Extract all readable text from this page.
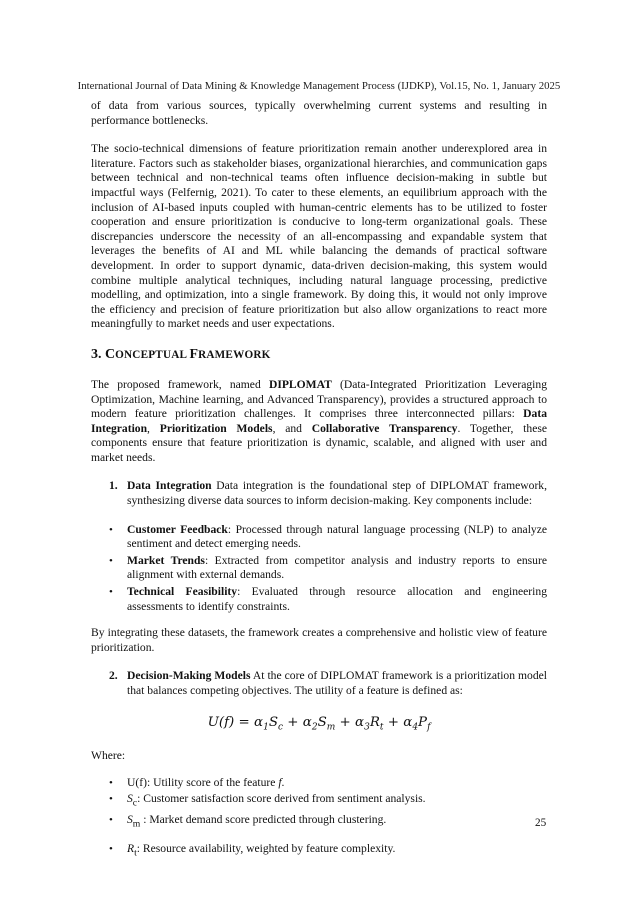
International Journal of Data Mining & Knowledge Management Process (IJDKP), Vol.15, No. 1, January 2025

of data from various sources, typically overwhelming current systems and resulting in performance bottlenecks.

The socio-technical dimensions of feature prioritization remain another underexplored area in literature. Factors such as stakeholder biases, organizational hierarchies, and communication gaps between technical and non-technical teams often influence decision-making in subtle but impactful ways (Felfernig, 2021). To cater to these elements, an equilibrium approach with the inclusion of AI-based inputs coupled with human-centric elements has to be utilized to foster cooperation and ensure prioritization is conducive to long-term organizational goals. These discrepancies underscore the necessity of an all-encompassing and expandable system that leverages the benefits of AI and ML while balancing the demands of practical software development. In order to support dynamic, data-driven decision-making, this system would combine multiple analytical techniques, including natural language processing, predictive modelling, and optimization, into a single framework. By doing this, it would not only improve the efficiency and precision of feature prioritization but also allow organizations to react more meaningfully to market needs and user expectations.

3. CONCEPTUAL FRAMEWORK

The proposed framework, named DIPLOMAT (Data-Integrated Prioritization Leveraging Optimization, Machine learning, and Advanced Transparency), provides a structured approach to modern feature prioritization challenges. It comprises three interconnected pillars: Data Integration, Prioritization Models, and Collaborative Transparency. Together, these components ensure that feature prioritization is dynamic, scalable, and aligned with user and market needs.

1. Data Integration Data integration is the foundational step of DIPLOMAT framework, synthesizing diverse data sources to inform decision-making. Key components include:

• Customer Feedback: Processed through natural language processing (NLP) to analyze sentiment and detect emerging needs.
• Market Trends: Extracted from competitor analysis and industry reports to ensure alignment with external demands.
• Technical Feasibility: Evaluated through resource allocation and engineering assessments to identify constraints.

By integrating these datasets, the framework creates a comprehensive and holistic view of feature prioritization.

2. Decision-Making Models At the core of DIPLOMAT framework is a prioritization model that balances competing objectives. The utility of a feature is defined as:

$U(f) = \alpha_1S_c + \alpha_2S_m + \alpha_3R_t + \alpha_4P_f$

Where:

• U(f): Utility score of the feature f.
• $S_c$: Customer satisfaction score derived from sentiment analysis.
• $S_m$ : Market demand score predicted through clustering.
• $R_t$: Resource availability, weighted by feature complexity.
25
